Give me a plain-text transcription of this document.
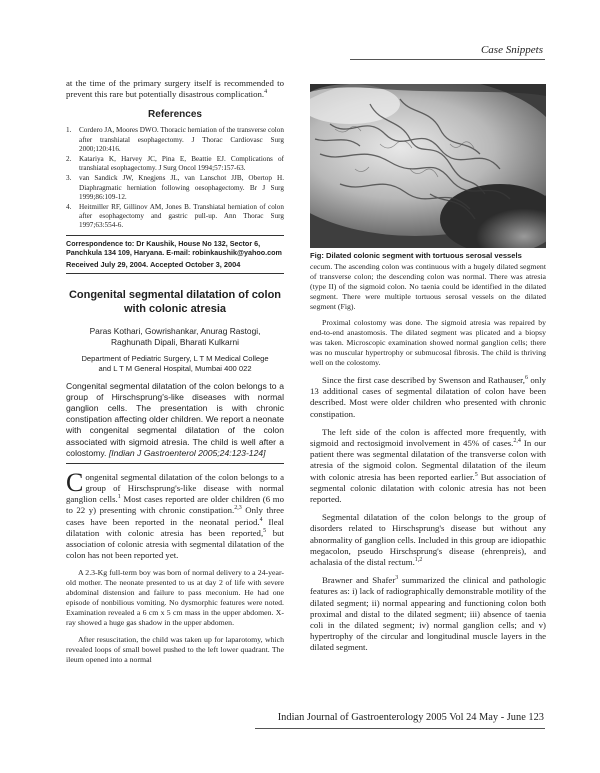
Case Snippets

at the time of the primary surgery itself is recommended to prevent this rare but potentially disastrous complication.$^4$

References
1. Cordero JA, Moores DWO. Thoracic herniation of the transverse colon after transhiatal esophagectomy. J Thorac Cardiovasc Surg 2000;120:416.
2. Katariya K, Harvey JC, Pina E, Beattie EJ. Complications of transhiatal esophagectomy. J Surg Oncol 1994;57:157-63.
3. van Sandick JW, Knegjens JL, van Lanschot JJB, Obertop H. Diaphragmatic herniation following oesophagectomy. Br J Surg 1999;86:109-12.
4. Heitmiller RF, Gillinov AM, Jones B. Transhiatal herniation of colon after esophagectomy and gastric pull-up. Ann Thorac Surg 1997;63:554-6.
Correspondence to: Dr Kaushik, House No 132, Sector 6, Panchkula 134 109, Haryana. E-mail: robinkaushik@yahoo.com
Received July 29, 2004. Accepted October 3, 2004
Congenital segmental dilatation of colon with colonic atresia
Paras Kothari, Gowrishankar, Anurag Rastogi,
Raghunath Dipali, Bharati Kulkarni
Department of Pediatric Surgery, L T M Medical College
and L T M General Hospital, Mumbai 400 022

Congenital segmental dilatation of the colon belongs to a group of Hirschsprung's-like diseases with normal ganglion cells. The presentation is with chronic constipation affecting older children. We report a neonate with congenital segmental dilatation of the colon associated with sigmoid atresia. The child is well after a colostomy. [Indian J Gastroenterol 2005;24:123-124]

Congenital segmental dilatation of the colon belongs to a group of Hirschsprung's-like disease with normal ganglion cells.$^1$ Most cases reported are older children (6 mo to 22 y) presenting with chronic constipation.$^{2,3}$ Only three cases have been reported in the neonatal period.$^4$ Ileal dilatation with colonic atresia has been reported,$^5$ but association of colonic atresia with segmental dilatation of the colon has not been reported yet.

A 2.3-Kg full-term boy was born of normal delivery to a 24-year-old mother. The neonate presented to us at day 2 of life with severe abdominal distension and failure to pass meconium. He had one episode of nonbilious vomiting. No dysmorphic features were noted. Examination revealed a 6 cm x 5 cm mass in the upper abdomen. X-ray showed a huge gas shadow in the upper abdomen.

After resuscitation, the child was taken up for laparotomy, which revealed loops of small bowel pushed to the left lower quadrant. The ileum opened into a normal

Fig: Dilated colonic segment with tortuous serosal vessels

cecum. The ascending colon was continuous with a hugely dilated segment of transverse colon; the descending colon was normal. There was atresia (type II) of the sigmoid colon. No taenia could be identified in the dilated segment. There were multiple tortuous serosal vessels on the dilated segment (Fig).

Proximal colostomy was done. The sigmoid atresia was repaired by end-to-end anastomosis. The dilated segment was plicated and a biopsy was taken. Microscopic examination showed normal ganglion cells; there was no muscular hypertrophy or submucosal fibrosis. The child is thriving well on the colostomy.

Since the first case described by Swenson and Rathauser,$^6$ only 13 additional cases of segmental dilatation of colon have been described. Most were older children who presented with chronic constipation.

The left side of the colon is affected more frequently, with sigmoid and rectosigmoid involvement in 45% of cases.$^{2,4}$ In our patient there was segmental dilatation of the transverse colon with atresia of the sigmoid colon. Segmental dilatation of the ileum with colonic atresia has been reported earlier.$^5$ But association of segmental colonic dilatation with colonic atresia has not been reported.

Segmental dilatation of the colon belongs to the group of disorders related to Hirschsprung's disease but without any abnormality of ganglion cells. Included in this group are idiopathic megacolon, pseudo Hirschsprung's disease (ehrenpreis), and achalasia of the distal rectum.$^{1,2}$

Brawner and Shafer$^3$ summarized the clinical and pathologic features as: i) lack of radiographically demonstrable motility of the dilated segment; ii) normal appearing and functioning colon both proximal and distal to the dilated segment; iii) absence of taenia coli in the dilated segment; iv) normal ganglion cells; and v) hypertrophy of the circular and longitudinal muscle layers in the dilated segment.

Indian Journal of Gastroenterology 2005 Vol 24 May - June 123
